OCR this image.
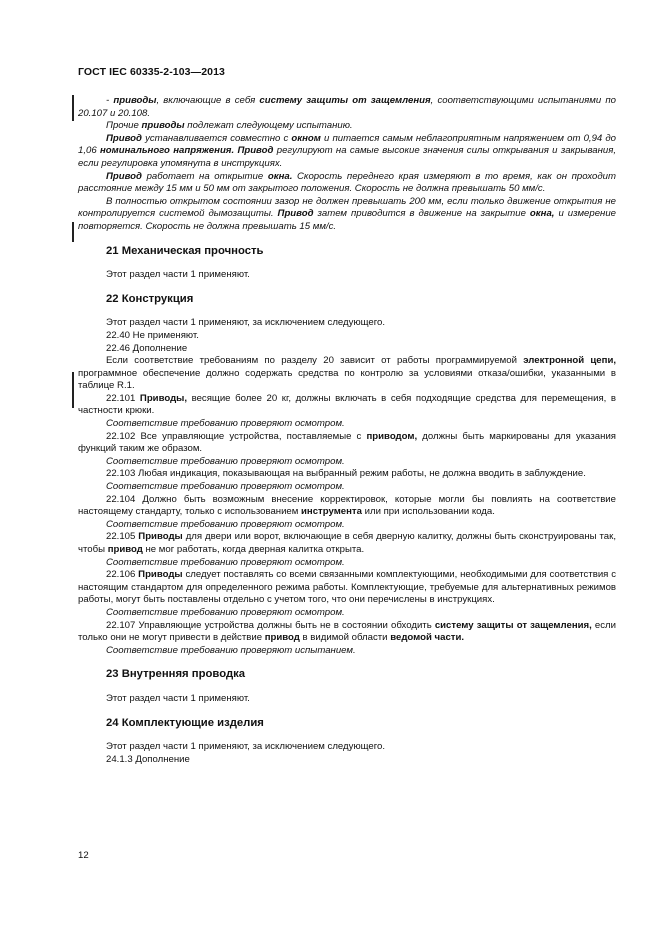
ГОСТ IEC 60335-2-103—2013

- приводы, включающие в себя систему защиты от защемления, соответствующими испытаниями по 20.107 и 20.108.

Прочие приводы подлежат следующему испытанию.

Привод устанавливается совместно с окном и питается самым неблагоприятным напряжением от 0,94 до 1,06 номинального напряжения. Привод регулируют на самые высокие значения силы открывания и закрывания, если регулировка упомянута в инструкциях.

Привод работает на открытие окна. Скорость переднего края измеряют в то время, как он проходит расстояние между 15 мм и 50 мм от закрытого положения. Скорость не должна превышать 50 мм/с.

В полностью открытом состоянии зазор не должен превышать 200 мм, если только движение открытия не контролируется системой дымозащиты. Привод затем приводится в движение на закрытие окна, и измерение повторяется. Скорость не должна превышать 15 мм/с.

21 Механическая прочность

Этот раздел части 1 применяют.

22 Конструкция

Этот раздел части 1 применяют, за исключением следующего.

22.40 Не применяют.

22.46 Дополнение

Если соответствие требованиям по разделу 20 зависит от работы программируемой электронной цепи, программное обеспечение должно содержать средства по контролю за условиями отказа/ошибки, указанными в таблице R.1.

22.101 Приводы, весящие более 20 кг, должны включать в себя подходящие средства для перемещения, в частности крюки.

Соответствие требованию проверяют осмотром.

22.102 Все управляющие устройства, поставляемые с приводом, должны быть маркированы для указания функций таким же образом.

Соответствие требованию проверяют осмотром.

22.103 Любая индикация, показывающая на выбранный режим работы, не должна вводить в заблуждение.

Соответствие требованию проверяют осмотром.

22.104 Должно быть возможным внесение корректировок, которые могли бы повлиять на соответствие настоящему стандарту, только с использованием инструмента или при использовании кода.

Соответствие требованию проверяют осмотром.

22.105 Приводы для двери или ворот, включающие в себя дверную калитку, должны быть сконструированы так, чтобы привод не мог работать, когда дверная калитка открыта.

Соответствие требованию проверяют осмотром.

22.106 Приводы следует поставлять со всеми связанными комплектующими, необходимыми для соответствия с настоящим стандартом для определенного режима работы. Комплектующие, требуемые для альтернативных режимов работы, могут быть поставлены отдельно с учетом того, что они перечислены в инструкциях.

Соответствие требованию проверяют осмотром.

22.107 Управляющие устройства должны быть не в состоянии обходить систему защиты от защемления, если только они не могут привести в действие привод в видимой области ведомой части.

Соответствие требованию проверяют испытанием.

23 Внутренняя проводка

Этот раздел части 1 применяют.

24 Комплектующие изделия

Этот раздел части 1 применяют, за исключением следующего.

24.1.3 Дополнение

12
